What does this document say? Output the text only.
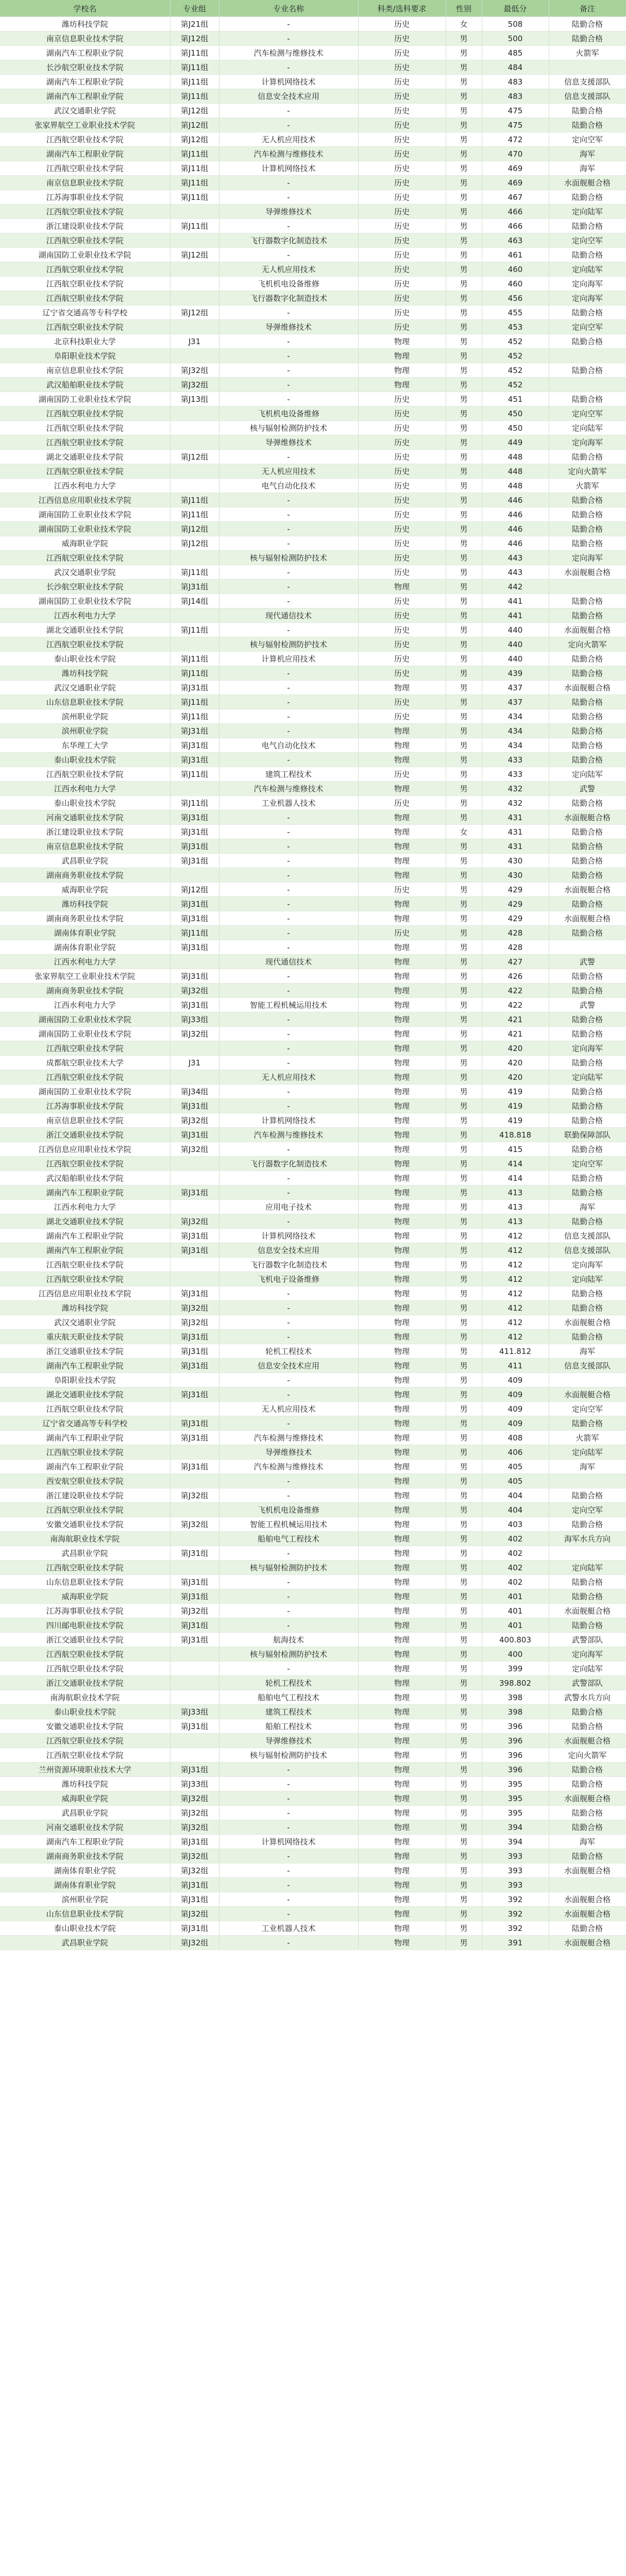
学校名	专业组	专业名称	科类/选科要求	性别	最低分	备注
潍坊科技学院	第J21组	-	历史	女	508	陆勤合格
南京信息职业技术学院	第J12组	-	历史	男	500	陆勤合格
湖南汽车工程职业学院	第J11组	汽车检测与维修技术	历史	男	485	火箭军
长沙航空职业技术学院	第J11组	-	历史	男	484	
湖南汽车工程职业学院	第J11组	计算机网络技术	历史	男	483	信息支援部队
湖南汽车工程职业学院	第J11组	信息安全技术应用	历史	男	483	信息支援部队
武汉交通职业学院	第J12组	-	历史	男	475	陆勤合格
张家界航空工业职业技术学院	第J12组	-	历史	男	475	陆勤合格
江西航空职业技术学院	第J12组	无人机应用技术	历史	男	472	定向空军
湖南汽车工程职业学院	第J11组	汽车检测与维修技术	历史	男	470	海军
江西航空职业技术学院	第J11组	计算机网络技术	历史	男	469	海军
南京信息职业技术学院	第J11组	-	历史	男	469	水面舰艇合格
江苏海事职业技术学院	第J11组	-	历史	男	467	陆勤合格
江西航空职业技术学院		导弹维修技术	历史	男	466	定向陆军
浙江建设职业技术学院	第J11组	-	历史	男	466	陆勤合格
江西航空职业技术学院		飞行器数字化制造技术	历史	男	463	定向空军
湖南国防工业职业技术学院	第J12组	-	历史	男	461	陆勤合格
江西航空职业技术学院		无人机应用技术	历史	男	460	定向陆军
江西航空职业技术学院		飞机机电设备维修	历史	男	460	定向海军
江西航空职业技术学院		飞行器数字化制造技术	历史	男	456	定向海军
辽宁省交通高等专科学校	第J12组	-	历史	男	455	陆勤合格
江西航空职业技术学院		导弹维修技术	历史	男	453	定向空军
北京科技职业大学	J31	-	物理	男	452	陆勤合格
阜阳职业技术学院		-	物理	男	452	
南京信息职业技术学院	第J32组	-	物理	男	452	陆勤合格
武汉船舶职业技术学院	第J32组	-	物理	男	452	
湖南国防工业职业技术学院	第J13组	-	历史	男	451	陆勤合格
江西航空职业技术学院		飞机机电设备维修	历史	男	450	定向空军
江西航空职业技术学院		核与辐射检测防护技术	历史	男	450	定向陆军
江西航空职业技术学院		导弹维修技术	历史	男	449	定向海军
湖北交通职业技术学院	第J12组	-	历史	男	448	陆勤合格
江西航空职业技术学院		无人机应用技术	历史	男	448	定向火箭军
江西水利电力大学		电气自动化技术	历史	男	448	火箭军
江西信息应用职业技术学院	第J11组	-	历史	男	446	陆勤合格
湖南国防工业职业技术学院	第J11组	-	历史	男	446	陆勤合格
湖南国防工业职业技术学院	第J12组	-	历史	男	446	陆勤合格
威海职业学院	第J12组	-	历史	男	446	陆勤合格
江西航空职业技术学院		核与辐射检测防护技术	历史	男	443	定向海军
武汉交通职业学院	第J11组	-	历史	男	443	水面舰艇合格
长沙航空职业技术学院	第J31组	-	物理	男	442	
湖南国防工业职业技术学院	第J14组	-	历史	男	441	陆勤合格
江西水利电力大学		现代通信技术	历史	男	441	陆勤合格
湖北交通职业技术学院	第J11组	-	历史	男	440	水面舰艇合格
江西航空职业技术学院		核与辐射检测防护技术	历史	男	440	定向火箭军
泰山职业技术学院	第J11组	计算机应用技术	历史	男	440	陆勤合格
潍坊科技学院	第J11组	-	历史	男	439	陆勤合格
武汉交通职业学院	第J31组	-	物理	男	437	水面舰艇合格
山东信息职业技术学院	第J11组	-	历史	男	437	陆勤合格
滨州职业学院	第J11组	-	历史	男	434	陆勤合格
滨州职业学院	第J31组	-	物理	男	434	陆勤合格
东华理工大学	第J31组	电气自动化技术	物理	男	434	陆勤合格
泰山职业技术学院	第J31组	-	物理	男	433	陆勤合格
江西航空职业技术学院	第J11组	建筑工程技术	历史	男	433	定向陆军
江西水利电力大学		汽车检测与维修技术	物理	男	432	武警
泰山职业技术学院	第J11组	工业机器人技术	历史	男	432	陆勤合格
河南交通职业技术学院	第J31组	-	物理	男	431	水面舰艇合格
浙江建设职业技术学院	第J31组	-	物理	女	431	陆勤合格
南京信息职业技术学院	第J31组	-	物理	男	431	陆勤合格
武昌职业学院	第J31组	-	物理	男	430	陆勤合格
湖南商务职业技术学院		-	物理	男	430	陆勤合格
威海职业学院	第J12组	-	历史	男	429	水面舰艇合格
潍坊科技学院	第J31组	-	物理	男	429	陆勤合格
湖南商务职业技术学院	第J31组	-	物理	男	429	水面舰艇合格
湖南体育职业学院	第J11组	-	历史	男	428	陆勤合格
湖南体育职业学院	第J31组	-	物理	男	428	
江西水利电力大学		现代通信技术	物理	男	427	武警
张家界航空工业职业技术学院	第J31组	-	物理	男	426	陆勤合格
湖南商务职业技术学院	第J32组	-	物理	男	422	陆勤合格
江西水利电力大学	第J31组	智能工程机械运用技术	物理	男	422	武警
湖南国防工业职业技术学院	第J33组	-	物理	男	421	陆勤合格
湖南国防工业职业技术学院	第J32组	-	物理	男	421	陆勤合格
江西航空职业技术学院		-	物理	男	420	定向海军
成都航空职业技术大学	J31	-	物理	男	420	陆勤合格
江西航空职业技术学院		无人机应用技术	物理	男	420	定向陆军
湖南国防工业职业技术学院	第J34组	-	物理	男	419	陆勤合格
江苏海事职业技术学院	第J31组	-	物理	男	419	陆勤合格
南京信息职业技术学院	第J32组	计算机网络技术	物理	男	419	陆勤合格
浙江交通职业技术学院	第J31组	汽车检测与维修技术	物理	男	418.818	联勤保障部队
江西信息应用职业技术学院	第J32组	-	物理	男	415	陆勤合格
江西航空职业技术学院		飞行器数字化制造技术	物理	男	414	定向空军
武汉船舶职业技术学院		-	物理	男	414	陆勤合格
湖南汽车工程职业学院	第J31组	-	物理	男	413	陆勤合格
江西水利电力大学		应用电子技术	物理	男	413	海军
湖北交通职业技术学院	第J32组	-	物理	男	413	陆勤合格
湖南汽车工程职业学院	第J31组	计算机网络技术	物理	男	412	信息支援部队
湖南汽车工程职业学院	第J31组	信息安全技术应用	物理	男	412	信息支援部队
江西航空职业技术学院		飞行器数字化制造技术	物理	男	412	定向海军
江西航空职业技术学院		飞机电子设备维修	物理	男	412	定向陆军
江西信息应用职业技术学院	第J31组	-	物理	男	412	陆勤合格
潍坊科技学院	第J32组	-	物理	男	412	陆勤合格
武汉交通职业学院	第J32组	-	物理	男	412	水面舰艇合格
重庆航天职业技术学院	第J31组	-	物理	男	412	陆勤合格
浙江交通职业技术学院	第J31组	轮机工程技术	物理	男	411.812	海军
湖南汽车工程职业学院	第J31组	信息安全技术应用	物理	男	411	信息支援部队
阜阳职业技术学院		-	物理	男	409	
湖北交通职业技术学院	第J31组	-	物理	男	409	水面舰艇合格
江西航空职业技术学院		无人机应用技术	物理	男	409	定向空军
辽宁省交通高等专科学校	第J31组	-	物理	男	409	陆勤合格
湖南汽车工程职业学院	第J31组	汽车检测与维修技术	物理	男	408	火箭军
江西航空职业技术学院		导弹维修技术	物理	男	406	定向陆军
湖南汽车工程职业学院	第J31组	汽车检测与维修技术	物理	男	405	海军
西安航空职业技术学院		-	物理	男	405	
浙江建设职业技术学院	第J32组	-	物理	男	404	陆勤合格
江西航空职业技术学院		飞机机电设备维修	物理	男	404	定向空军
安徽交通职业技术学院	第J32组	智能工程机械运用技术	物理	男	403	陆勤合格
南海航职业技术学院		船舶电气工程技术	物理	男	402	海军水兵方向
武昌职业学院	第J31组	-	物理	男	402	
江西航空职业技术学院		核与辐射检测防护技术	物理	男	402	定向陆军
山东信息职业技术学院	第J31组	-	物理	男	402	陆勤合格
威海职业学院	第J31组	-	物理	男	401	陆勤合格
江苏海事职业技术学院	第J32组	-	物理	男	401	水面舰艇合格
四川邮电职业技术学院	第J31组	-	物理	男	401	陆勤合格
浙江交通职业技术学院	第J31组	航海技术	物理	男	400.803	武警部队
江西航空职业技术学院		核与辐射检测防护技术	物理	男	400	定向海军
江西航空职业技术学院		-	物理	男	399	定向陆军
浙江交通职业技术学院		轮机工程技术	物理	男	398.802	武警部队
南海航职业技术学院		船舶电气工程技术	物理	男	398	武警水兵方向
泰山职业技术学院	第J33组	建筑工程技术	物理	男	398	陆勤合格
安徽交通职业技术学院	第J31组	船舶工程技术	物理	男	396	陆勤合格
江西航空职业技术学院		导弹维修技术	物理	男	396	水面舰艇合格
江西航空职业技术学院		核与辐射检测防护技术	物理	男	396	定向火箭军
兰州资源环境职业技术大学	第J31组	-	物理	男	396	陆勤合格
潍坊科技学院	第J33组	-	物理	男	395	陆勤合格
威海职业学院	第J32组	-	物理	男	395	水面舰艇合格
武昌职业学院	第J32组	-	物理	男	395	陆勤合格
河南交通职业技术学院	第J32组	-	物理	男	394	陆勤合格
湖南汽车工程职业学院	第J31组	计算机网络技术	物理	男	394	海军
湖南商务职业技术学院	第J32组	-	物理	男	393	陆勤合格
湖南体育职业学院	第J32组	-	物理	男	393	水面舰艇合格
湖南体育职业学院	第J31组	-	物理	男	393	
滨州职业学院	第J31组	-	物理	男	392	水面舰艇合格
山东信息职业技术学院	第J32组	-	物理	男	392	水面舰艇合格
泰山职业技术学院	第J31组	工业机器人技术	物理	男	392	陆勤合格
武昌职业学院	第J32组	-	物理	男	391	水面舰艇合格
